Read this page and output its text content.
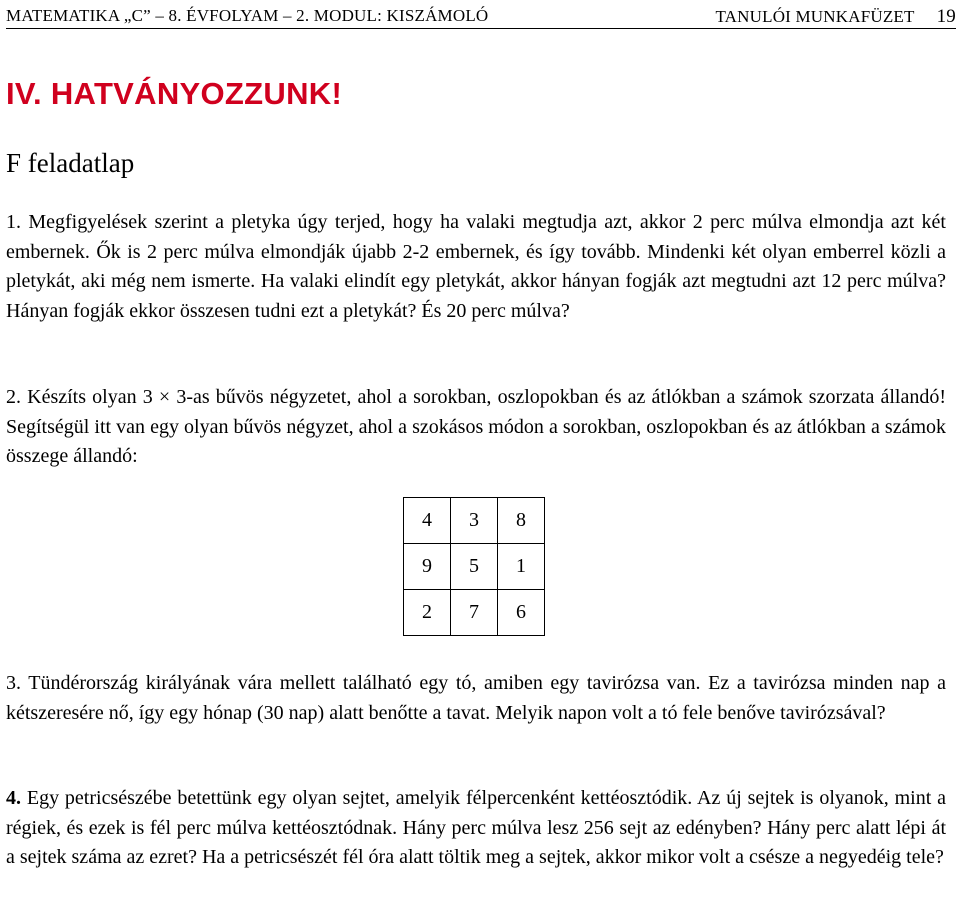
MATEMATIKA „C” – 8. ÉVFOLYAM – 2. MODUL: KISZÁMOLÓ	TANULÓI MUNKAFÜZET 19
IV. HATVÁNYOZZUNK!
F feladatlap
1. Megfigyelések szerint a pletyka úgy terjed, hogy ha valaki megtudja azt, akkor 2 perc múlva elmondja azt két embernek. Ők is 2 perc múlva elmondják újabb 2-2 embernek, és így tovább. Mindenki két olyan emberrel közli a pletykát, aki még nem ismerte. Ha valaki elindít egy pletykát, akkor hányan fogják azt megtudni azt 12 perc múlva? Hányan fogják ekkor összesen tudni ezt a pletykát? És 20 perc múlva?
2. Készíts olyan 3 × 3-as bűvös négyzetet, ahol a sorokban, oszlopokban és az átlókban a számok szorzata állandó! Segítségül itt van egy olyan bűvös négyzet, ahol a szokásos módon a sorokban, oszlopokban és az átlókban a számok összege állandó:
4	3	8
9	5	1
2	7	6
3. Tündérország királyának vára mellett található egy tó, amiben egy tavirózsa van. Ez a tavirózsa minden nap a kétszeresére nő, így egy hónap (30 nap) alatt benőtte a tavat. Melyik napon volt a tó fele benőve tavirózsával?
4. Egy petricsészébe betettünk egy olyan sejtet, amelyik félpercenként kettéosztódik. Az új sejtek is olyanok, mint a régiek, és ezek is fél perc múlva kettéosztódnak. Hány perc múlva lesz 256 sejt az edényben? Hány perc alatt lépi át a sejtek száma az ezret? Ha a petricsészét fél óra alatt töltik meg a sejtek, akkor mikor volt a csésze a negyedéig tele?
